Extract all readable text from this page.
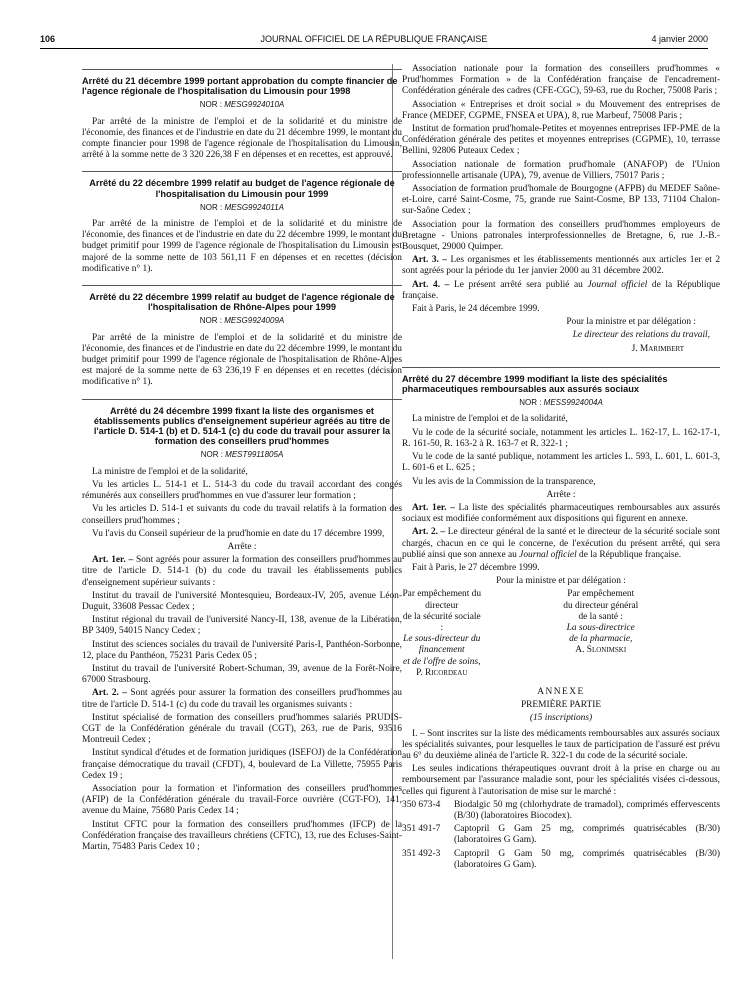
106	JOURNAL OFFICIEL DE LA RÉPUBLIQUE FRANÇAISE	4 janvier 2000
Arrêté du 21 décembre 1999 portant approbation du compte financier de l'agence régionale de l'hospitalisation du Limousin pour 1998
NOR : MESG9924010A

Par arrêté de la ministre de l'emploi et de la solidarité et du ministre de l'économie, des finances et de l'industrie en date du 21 décembre 1999, le montant du compte financier pour 1998 de l'agence régionale de l'hospitalisation du Limousin, arrêté à la somme nette de 3 320 226,38 F en dépenses et en recettes, est approuvé.

Arrêté du 22 décembre 1999 relatif au budget de l'agence régionale de l'hospitalisation du Limousin pour 1999
NOR : MESG9924011A

Par arrêté de la ministre de l'emploi et de la solidarité et du ministre de l'économie, des finances et de l'industrie en date du 22 décembre 1999, le montant du budget primitif pour 1999 de l'agence régionale de l'hospitalisation du Limousin est majoré de la somme nette de 103 561,11 F en dépenses et en recettes (décision modificative n° 1).

Arrêté du 22 décembre 1999 relatif au budget de l'agence régionale de l'hospitalisation de Rhône-Alpes pour 1999
NOR : MESG9924009A

Par arrêté de la ministre de l'emploi et de la solidarité et du ministre de l'économie, des finances et de l'industrie en date du 22 décembre 1999, le montant du budget primitif pour 1999 de l'agence régionale de l'hospitalisation de Rhône-Alpes est majoré de la somme nette de 63 236,19 F en dépenses et en recettes (décision modificative n° 1).

Arrêté du 24 décembre 1999 fixant la liste des organismes et établissements publics d'enseignement supérieur agréés au titre de l'article D. 514-1 (b) et D. 514-1 (c) du code du travail pour assurer la formation des conseillers prud'hommes
NOR : MEST9911805A

La ministre de l'emploi et de la solidarité,

Vu les articles L. 514-1 et L. 514-3 du code du travail accordant des congés rémunérés aux conseillers prud'hommes en vue d'assurer leur formation ;

Vu les articles D. 514-1 et suivants du code du travail relatifs à la formation des conseillers prud'hommes ;

Vu l'avis du Conseil supérieur de la prud'homie en date du 17 décembre 1999,

Arrête :

Art. 1er. – Sont agréés pour assurer la formation des conseillers prud'hommes au titre de l'article D. 514-1 (b) du code du travail les établissements publics d'enseignement supérieur suivants :

Institut du travail de l'université Montesquieu, Bordeaux-IV, 205, avenue Léon-Duguit, 33608 Pessac Cedex ;

Institut régional du travail de l'université Nancy-II, 138, avenue de la Libération, BP 3409, 54015 Nancy Cedex ;

Institut des sciences sociales du travail de l'université Paris-I, Panthéon-Sorbonne, 12, place du Panthéon, 75231 Paris Cedex 05 ;

Institut du travail de l'université Robert-Schuman, 39, avenue de la Forêt-Noire, 67000 Strasbourg.

Art. 2. – Sont agréés pour assurer la formation des conseillers prud'hommes au titre de l'article D. 514-1 (c) du code du travail les organismes suivants :

Institut spécialisé de formation des conseillers prud'hommes salariés PRUDIS-CGT de la Confédération générale du travail (CGT), 263, rue de Paris, 93516 Montreuil Cedex ;

Institut syndical d'études et de formation juridiques (ISEFOJ) de la Confédération française démocratique du travail (CFDT), 4, boulevard de La Villette, 75955 Paris Cedex 19 ;

Association pour la formation et l'information des conseillers prud'hommes (AFIP) de la Confédération générale du travail-Force ouvrière (CGT-FO), 141, avenue du Maine, 75680 Paris Cedex 14 ;

Institut CFTC pour la formation des conseillers prud'hommes (IFCP) de la Confédération française des travailleurs chrétiens (CFTC), 13, rue des Ecluses-Saint-Martin, 75483 Paris Cedex 10 ;

Association nationale pour la formation des conseillers prud'hommes « Prud'hommes Formation » de la Confédération française de l'encadrement-Confédération générale des cadres (CFE-CGC), 59-63, rue du Rocher, 75008 Paris ;

Association « Entreprises et droit social » du Mouvement des entreprises de France (MEDEF, CGPME, FNSEA et UPA), 8, rue Marbeuf, 75008 Paris ;

Institut de formation prud'homale-Petites et moyennes entreprises IFP-PME de la Confédération générale des petites et moyennes entreprises (CGPME), 10, terrasse Bellini, 92806 Puteaux Cedex ;

Association nationale de formation prud'homale (ANAFOP) de l'Union professionnelle artisanale (UPA), 79, avenue de Villiers, 75017 Paris ;

Association de formation prud'homale de Bourgogne (AFPB) du MEDEF Saône-et-Loire, carré Saint-Cosme, 75, grande rue Saint-Cosme, BP 133, 71104 Chalon-sur-Saône Cedex ;

Association pour la formation des conseillers prud'hommes employeurs de Bretagne - Unions patronales interprofessionnelles de Bretagne, 6, rue J.-B.-Bousquet, 29000 Quimper.

Art. 3. – Les organismes et les établissements mentionnés aux articles 1er et 2 sont agréés pour la période du 1er janvier 2000 au 31 décembre 2002.

Art. 4. – Le présent arrêté sera publié au Journal officiel de la République française.

Fait à Paris, le 24 décembre 1999.

Pour la ministre et par délégation :

Le directeur des relations du travail,

J. Marimbert

Arrêté du 27 décembre 1999 modifiant la liste des spécialités pharmaceutiques remboursables aux assurés sociaux
NOR : MESS9924004A

La ministre de l'emploi et de la solidarité,

Vu le code de la sécurité sociale, notamment les articles L. 162-17, L. 162-17-1, R. 161-50, R. 163-2 à R. 163-7 et R. 322-1 ;

Vu le code de la santé publique, notamment les articles L. 593, L. 601, L. 601-3, L. 601-6 et L. 625 ;

Vu les avis de la Commission de la transparence,

Arrête :

Art. 1er. – La liste des spécialités pharmaceutiques remboursables aux assurés sociaux est modifiée conformément aux dispositions qui figurent en annexe.

Art. 2. – Le directeur général de la santé et le directeur de la sécurité sociale sont chargés, chacun en ce qui le concerne, de l'exécution du présent arrêté, qui sera publié ainsi que son annexe au Journal officiel de la République française.

Fait à Paris, le 27 décembre 1999.

Pour la ministre et par délégation :

Par empêchement du directeur
de la sécurité sociale :
Le sous-directeur du financement
et de l'offre de soins,
P. Ricordeau
Par empêchement
du directeur général de la santé :
La sous-directrice
de la pharmacie,
A. Slonimski
ANNEXE

PREMIÈRE PARTIE

(15 inscriptions)

I. – Sont inscrites sur la liste des médicaments remboursables aux assurés sociaux les spécialités suivantes, pour lesquelles le taux de participation de l'assuré est prévu au 6° du deuxième alinéa de l'article R. 322-1 du code de la sécurité sociale.

Les seules indications thérapeutiques ouvrant droit à la prise en charge ou au remboursement par l'assurance maladie sont, pour les spécialités visées ci-dessous, celles qui figurent à l'autorisation de mise sur le marché :

350 673-4	Biodalgic 50 mg (chlorhydrate de tramadol), comprimés effervescents (B/30) (laboratoires Biocodex).
351 491-7	Captopril G Gam 25 mg, comprimés quatrisécables (B/30) (laboratoires G Gam).
351 492-3	Captopril G Gam 50 mg, comprimés quatrisécables (B/30) (laboratoires G Gam).
